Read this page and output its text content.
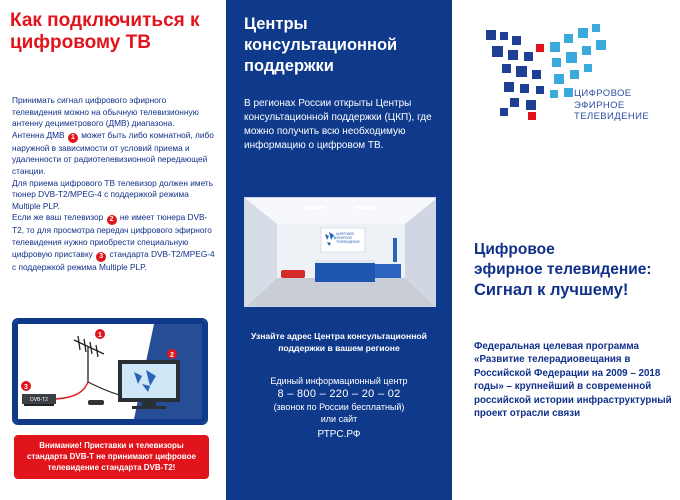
Как подключиться к цифровому ТВ

Принимать сигнал цифрового эфирного телевидения можно на обычную телевизионную антенну дециметрового (ДМВ) диапазона.

Антенна ДМВ 1 может быть либо комнатной, либо наружной в зависимости от условий приема и удаленности от радиотелевизионной передающей станции.

Для приема цифрового ТВ телевизор должен иметь тюнер DVB-T2/MPEG-4 с поддержкой режима Multiple PLP.

Если же ваш телевизор 2 не имеет тюнера DVB-T2, то для просмотра передач цифрового эфирного телевидения нужно приобрести специальную цифровую приставку 3 стандарта DVB-T2/MPEG-4 с поддержкой режима Multiple PLP.

1
2
3
DVB-T2
Внимание! Приставки и телевизоры стандарта DVB-T не принимают цифровое телевидение стандарта DVB-T2!
Центры консультационной поддержки

В регионах России открыты Центры консультационной поддержки (ЦКП), где можно получить всю необходимую информацию о цифровом ТВ.

ЦИФРОВОЕ ЭФИРНОЕ ТЕЛЕВИДЕНИЕ
Узнайте адрес Центра консультационной поддержки в вашем регионе
Единый информационный центр
8 – 800 – 220 – 20 – 02
(звонок по России бесплатный)
или сайт
РТРС.РФ
ЦИФРОВОЕ
ЭФИРНОЕ
ТЕЛЕВИДЕНИЕ
Цифровое
эфирное телевидение:
Сигнал к лучшему!

Федеральная целевая программа «Развитие телерадиовещания в Российской Федерации на 2009 – 2018 годы» – крупнейший в современной российской истории инфраструктурный проект отрасли связи
